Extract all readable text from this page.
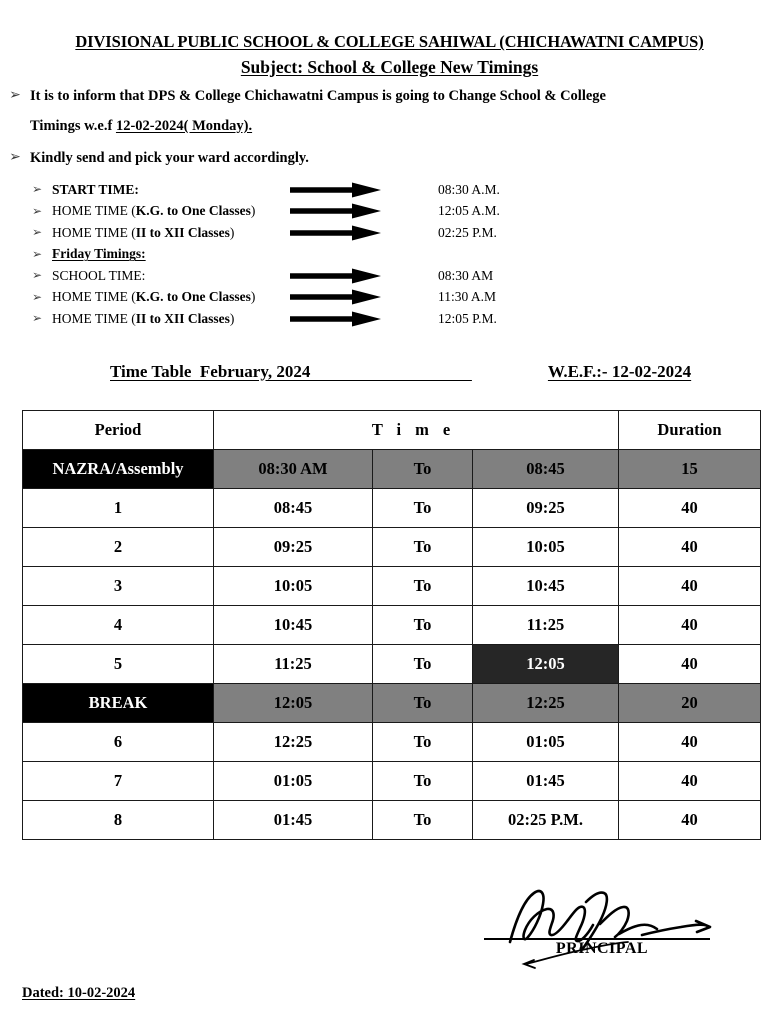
DIVISIONAL PUBLIC SCHOOL & COLLEGE SAHIWAL (CHICHAWATNI CAMPUS)
Subject: School & College New Timings
➢ It is to inform that DPS & College Chichawatni Campus is going to Change School & College
Timings w.e.f 12-02-2024( Monday).
➢ Kindly send and pick your ward accordingly.
➢ START TIME:	08:30 A.M.
➢ HOME TIME (K.G. to One Classes)	12:05 A.M.
➢ HOME TIME (II to XII Classes)	02:25 P.M.
➢ Friday Timings:
➢ SCHOOL TIME:	08:30 AM
➢ HOME TIME (K.G. to One Classes)	11:30 A.M
➢ HOME TIME (II to XII Classes)	12:05 P.M.
Time Table  February, 2024	W.E.F.:- 12-02-2024
Period	Time			Duration
NAZRA/Assembly	08:30 AM	To	08:45	15
1	08:45	To	09:25	40
2	09:25	To	10:05	40
3	10:05	To	10:45	40
4	10:45	To	11:25	40
5	11:25	To	12:05	40
BREAK	12:05	To	12:25	20
6	12:25	To	01:05	40
7	01:05	To	01:45	40
8	01:45	To	02:25 P.M.	40
PRINCIPAL
Dated: 10-02-2024
